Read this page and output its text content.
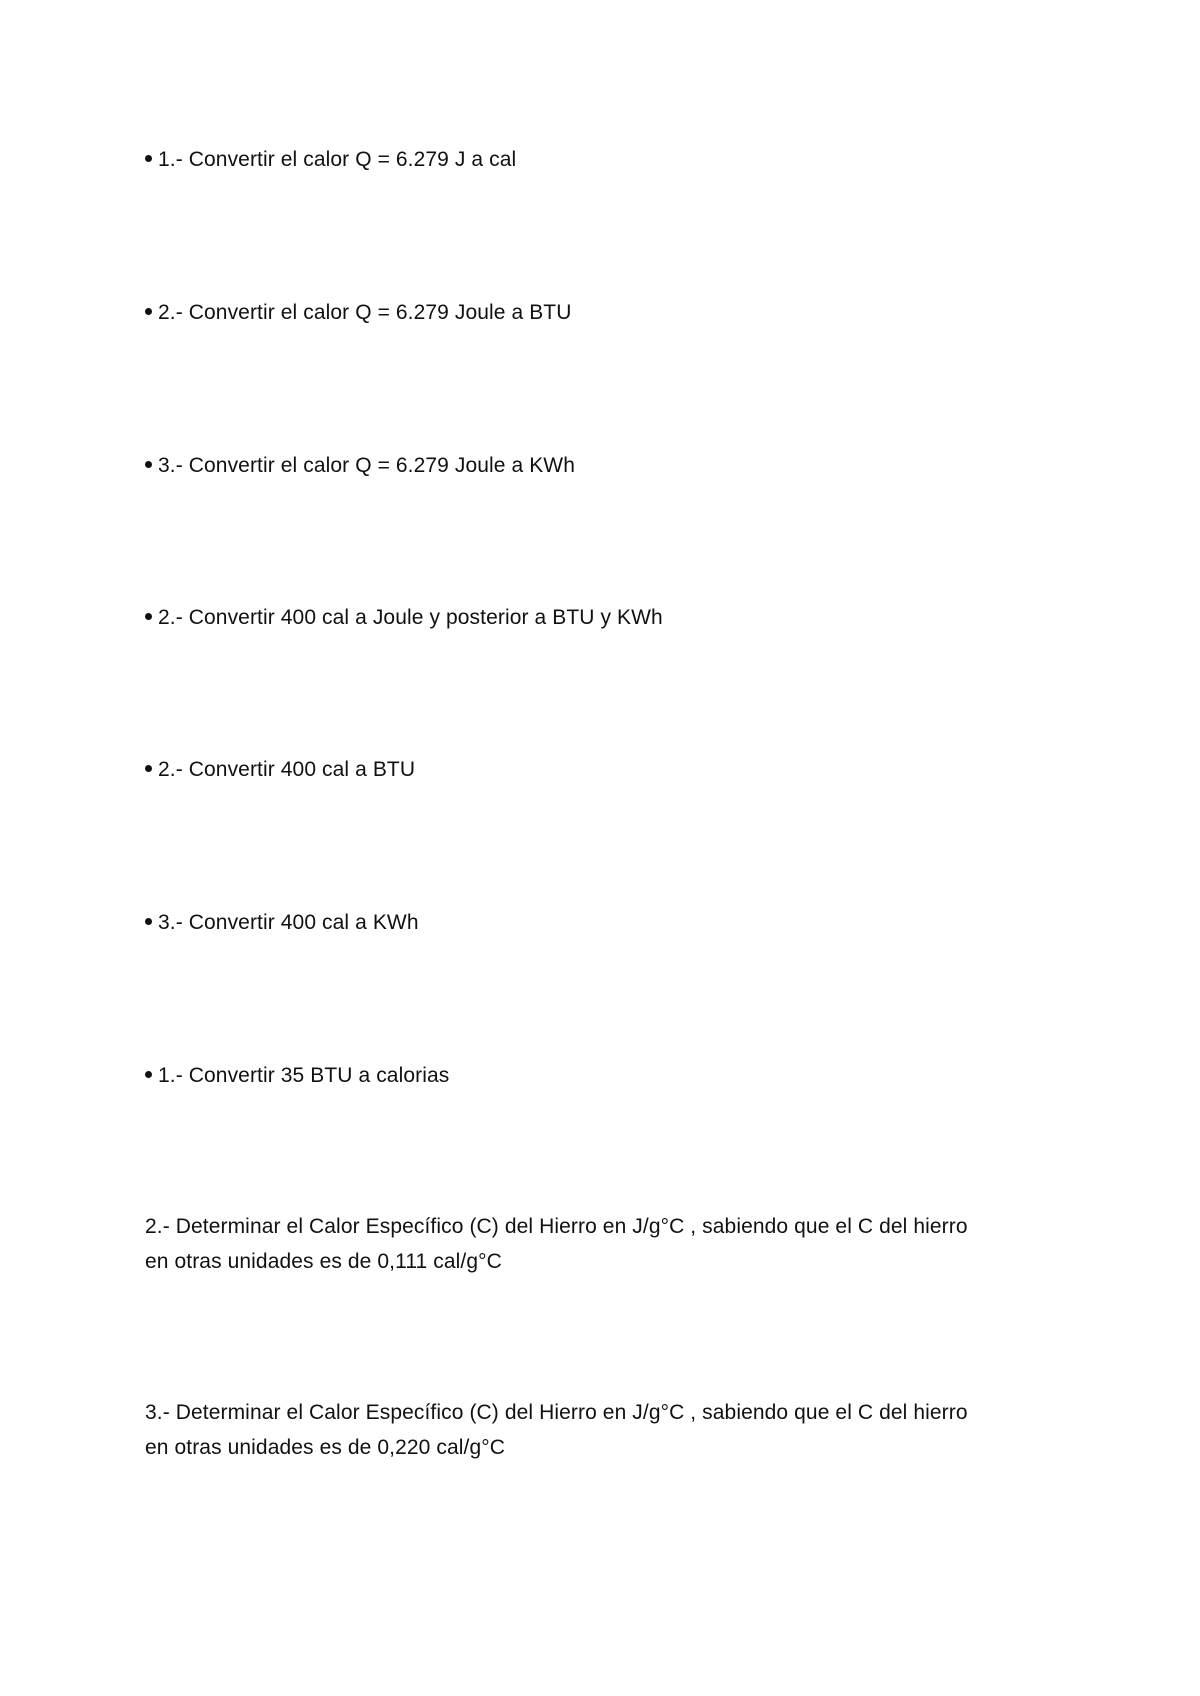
1.- Convertir el calor Q = 6.279 J a cal
2.- Convertir el calor Q = 6.279 Joule a BTU
3.- Convertir el calor Q = 6.279 Joule a KWh
2.- Convertir 400 cal a Joule y posterior a BTU y KWh
2.- Convertir 400 cal a BTU
3.- Convertir 400 cal a KWh
1.- Convertir 35 BTU a calorias
2.- Determinar el Calor Específico (C) del Hierro en J/g°C , sabiendo que el C del hierro
en otras unidades es de 0,111 cal/g°C
3.- Determinar el Calor Específico (C) del Hierro en J/g°C , sabiendo que el C del hierro
en otras unidades es de 0,220 cal/g°C
